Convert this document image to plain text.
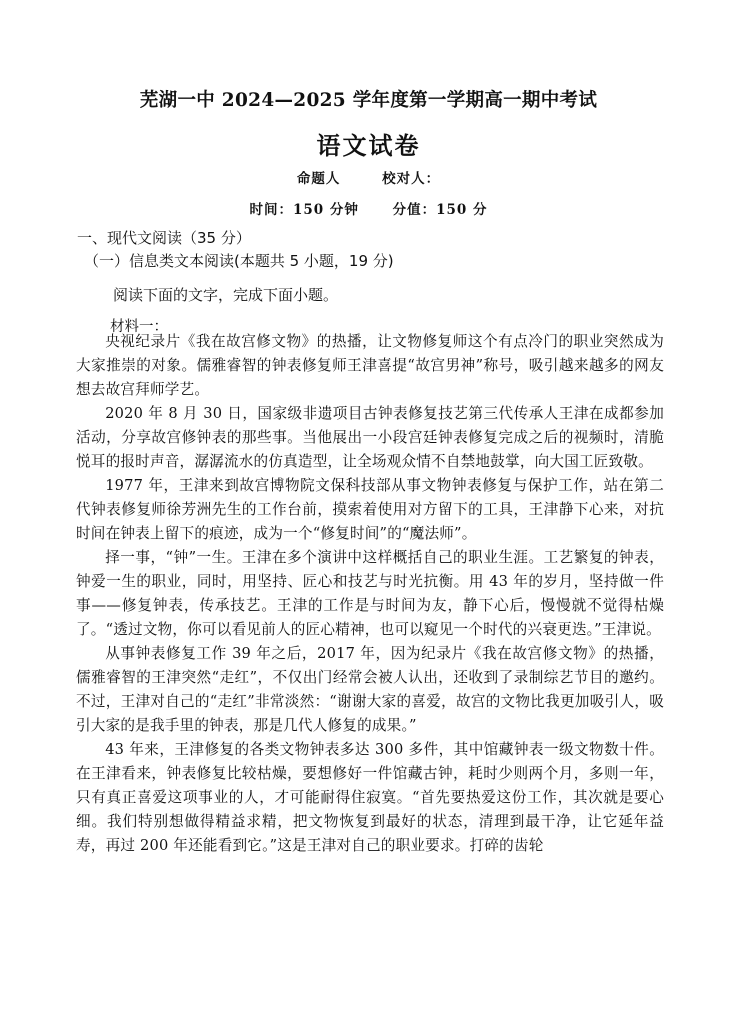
芜湖一中 2024—2025 学年度第一学期高一期中考试
语文试卷
命题人	校对人：
时间：150 分钟 分值：150 分
一、现代文阅读（35 分）
（一）信息类文本阅读(本题共 5 小题，19 分)
阅读下面的文字，完成下面小题。
材料一：

央视纪录片《我在故宫修文物》的热播，让文物修复师这个有点冷门的职业突然成为大家推崇的对象。儒雅睿智的钟表修复师王津喜提“故宫男神”称号，吸引越来越多的网友想去故宫拜师学艺。

2020 年 8 月 30 日，国家级非遗项目古钟表修复技艺第三代传承人王津在成都参加活动，分享故宫修钟表的那些事。当他展出一小段宫廷钟表修复完成之后的视频时，清脆悦耳的报时声音，潺潺流水的仿真造型，让全场观众情不自禁地鼓掌，向大国工匠致敬。

1977 年，王津来到故宫博物院文保科技部从事文物钟表修复与保护工作，站在第二代钟表修复师徐芳洲先生的工作台前，摸索着使用对方留下的工具，王津静下心来，对抗时间在钟表上留下的痕迹，成为一个“修复时间”的“魔法师”。

择一事，“钟”一生。王津在多个演讲中这样概括自己的职业生涯。工艺繁复的钟表，钟爱一生的职业，同时，用坚持、匠心和技艺与时光抗衡。用 43 年的岁月，坚持做一件事——修复钟表，传承技艺。王津的工作是与时间为友，静下心后，慢慢就不觉得枯燥了。“透过文物，你可以看见前人的匠心精神，也可以窥见一个时代的兴衰更迭。”王津说。

从事钟表修复工作 39 年之后，2017 年，因为纪录片《我在故宫修文物》的热播，儒雅睿智的王津突然“走红”，不仅出门经常会被人认出，还收到了录制综艺节目的邀约。不过，王津对自己的“走红”非常淡然：“谢谢大家的喜爱，故宫的文物比我更加吸引人，吸引大家的是我手里的钟表，那是几代人修复的成果。”

43 年来，王津修复的各类文物钟表多达 300 多件，其中馆藏钟表一级文物数十件。在王津看来，钟表修复比较枯燥，要想修好一件馆藏古钟，耗时少则两个月，多则一年，只有真正喜爱这项事业的人，才可能耐得住寂寞。“首先要热爱这份工作，其次就是要心细。我们特别想做得精益求精，把文物恢复到最好的状态，清理到最干净，让它延年益寿，再过 200 年还能看到它。”这是王津对自己的职业要求。打碎的齿轮
